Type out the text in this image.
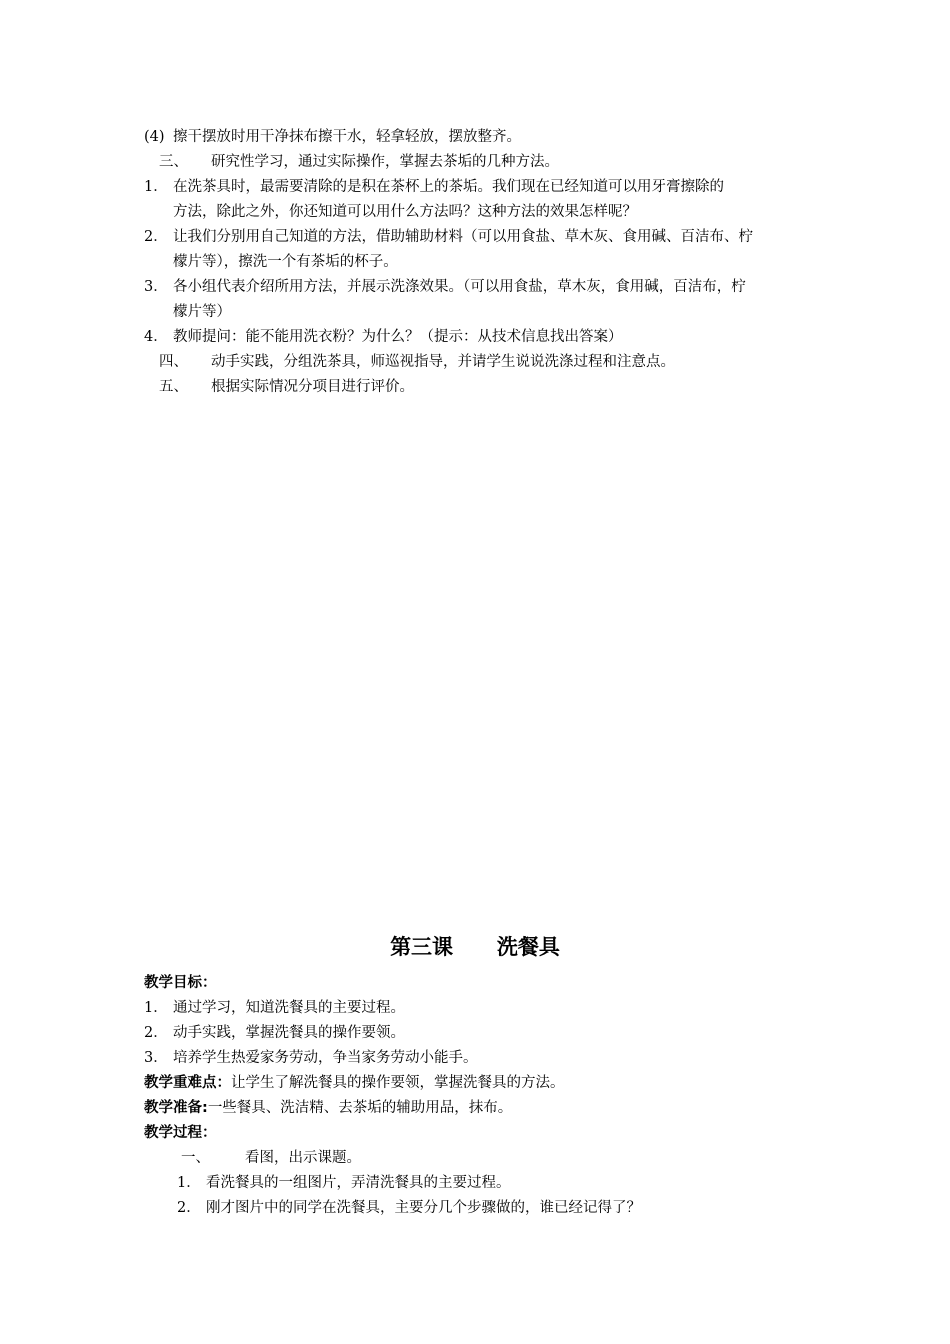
(4) 擦干摆放时用干净抹布擦干水，轻拿轻放，摆放整齐。
三、 研究性学习，通过实际操作，掌握去茶垢的几种方法。
1． 在洗茶具时，最需要清除的是积在茶杯上的茶垢。我们现在已经知道可以用牙膏擦除的
方法，除此之外，你还知道可以用什么方法吗？这种方法的效果怎样呢？
2． 让我们分别用自己知道的方法，借助辅助材料（可以用食盐、草木灰、食用碱、百洁布、柠
檬片等），擦洗一个有茶垢的杯子。
3． 各小组代表介绍所用方法，并展示洗涤效果。（可以用食盐，草木灰，食用碱，百洁布，柠
檬片等）
4． 教师提问：能不能用洗衣粉？为什么？（提示：从技术信息找出答案）
四、 动手实践，分组洗茶具，师巡视指导，并请学生说说洗涤过程和注意点。
五、 根据实际情况分项目进行评价。
第三课      洗餐具
教学目标：
1． 通过学习，知道洗餐具的主要过程。
2． 动手实践，掌握洗餐具的操作要领。
3． 培养学生热爱家务劳动，争当家务劳动小能手。
教学重难点：让学生了解洗餐具的操作要领，掌握洗餐具的方法。
教学准备:一些餐具、洗洁精、去茶垢的辅助用品，抹布。
教学过程：
一、 看图，出示课题。
1． 看洗餐具的一组图片，弄清洗餐具的主要过程。
2． 刚才图片中的同学在洗餐具，主要分几个步骤做的，谁已经记得了？
